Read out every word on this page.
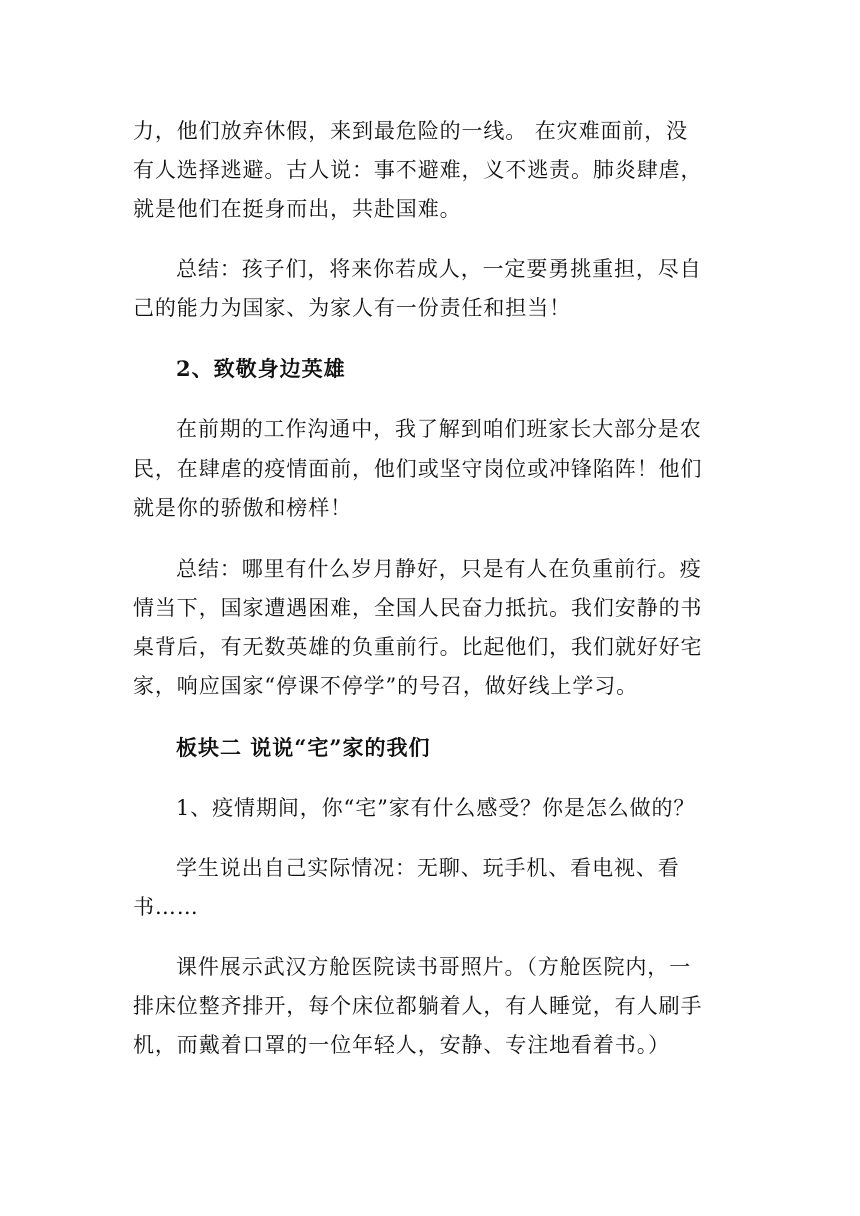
力，他们放弃休假，来到最危险的一线。 在灾难面前，没
有人选择逃避。古人说：事不避难，义不逃责。肺炎肆虐，
就是他们在挺身而出，共赴国难。
总结：孩子们，将来你若成人，一定要勇挑重担，尽自
己的能力为国家、为家人有一份责任和担当！
2、致敬身边英雄
在前期的工作沟通中，我了解到咱们班家长大部分是农
民，在肆虐的疫情面前，他们或坚守岗位或冲锋陷阵！他们
就是你的骄傲和榜样！
总结：哪里有什么岁月静好，只是有人在负重前行。疫
情当下，国家遭遇困难，全国人民奋力抵抗。我们安静的书
桌背后，有无数英雄的负重前行。比起他们，我们就好好宅
家，响应国家“停课不停学”的号召，做好线上学习。
板块二 说说“宅”家的我们
1、疫情期间，你“宅”家有什么感受？你是怎么做的？
学生说出自己实际情况：无聊、玩手机、看电视、看
书……
课件展示武汉方舱医院读书哥照片。（方舱医院内，一
排床位整齐排开，每个床位都躺着人，有人睡觉，有人刷手
机，而戴着口罩的一位年轻人，安静、专注地看着书。）
